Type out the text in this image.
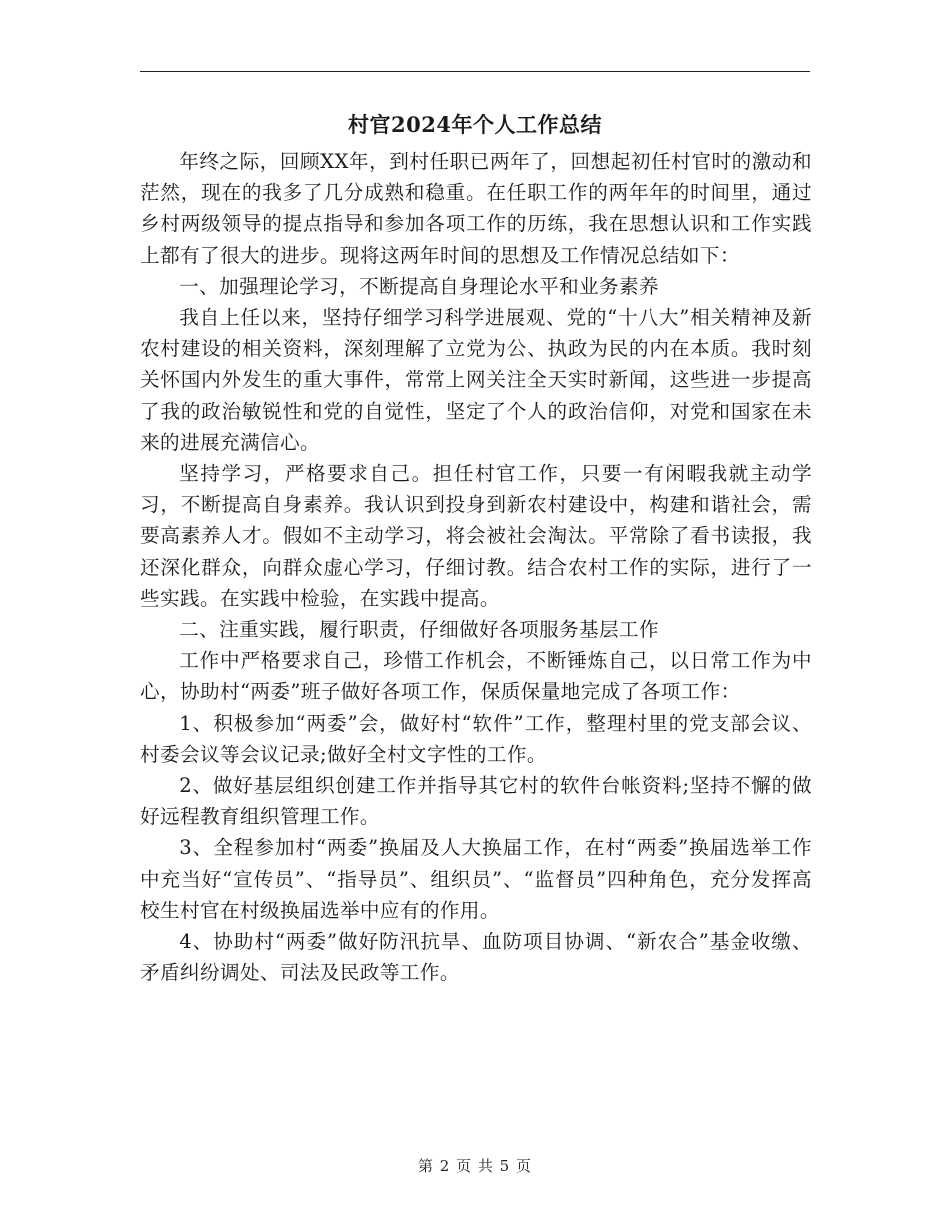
村官2024年个人工作总结

年终之际，回顾XX年，到村任职已两年了，回想起初任村官时的激动和茫然，现在的我多了几分成熟和稳重。在任职工作的两年年的时间里，通过乡村两级领导的提点指导和参加各项工作的历练，我在思想认识和工作实践上都有了很大的进步。现将这两年时间的思想及工作情况总结如下：

一、加强理论学习，不断提高自身理论水平和业务素养

我自上任以来，坚持仔细学习科学进展观、党的“十八大”相关精神及新农村建设的相关资料，深刻理解了立党为公、执政为民的内在本质。我时刻关怀国内外发生的重大事件，常常上网关注全天实时新闻，这些进一步提高了我的政治敏锐性和党的自觉性，坚定了个人的政治信仰，对党和国家在未来的进展充满信心。

坚持学习，严格要求自己。担任村官工作，只要一有闲暇我就主动学习，不断提高自身素养。我认识到投身到新农村建设中，构建和谐社会，需要高素养人才。假如不主动学习，将会被社会淘汰。平常除了看书读报，我还深化群众，向群众虚心学习，仔细讨教。结合农村工作的实际，进行了一些实践。在实践中检验，在实践中提高。

二、注重实践，履行职责，仔细做好各项服务基层工作

工作中严格要求自己，珍惜工作机会，不断锤炼自己，以日常工作为中心，协助村“两委”班子做好各项工作，保质保量地完成了各项工作：

1、积极参加“两委”会，做好村“软件”工作，整理村里的党支部会议、村委会议等会议记录;做好全村文字性的工作。

2、做好基层组织创建工作并指导其它村的软件台帐资料;坚持不懈的做好远程教育组织管理工作。

3、全程参加村“两委”换届及人大换届工作，在村“两委”换届选举工作中充当好“宣传员”、“指导员”、组织员”、“监督员”四种角色，充分发挥高校生村官在村级换届选举中应有的作用。

4、协助村“两委”做好防汛抗旱、血防项目协调、“新农合”基金收缴、矛盾纠纷调处、司法及民政等工作。

第 2 页 共 5 页
